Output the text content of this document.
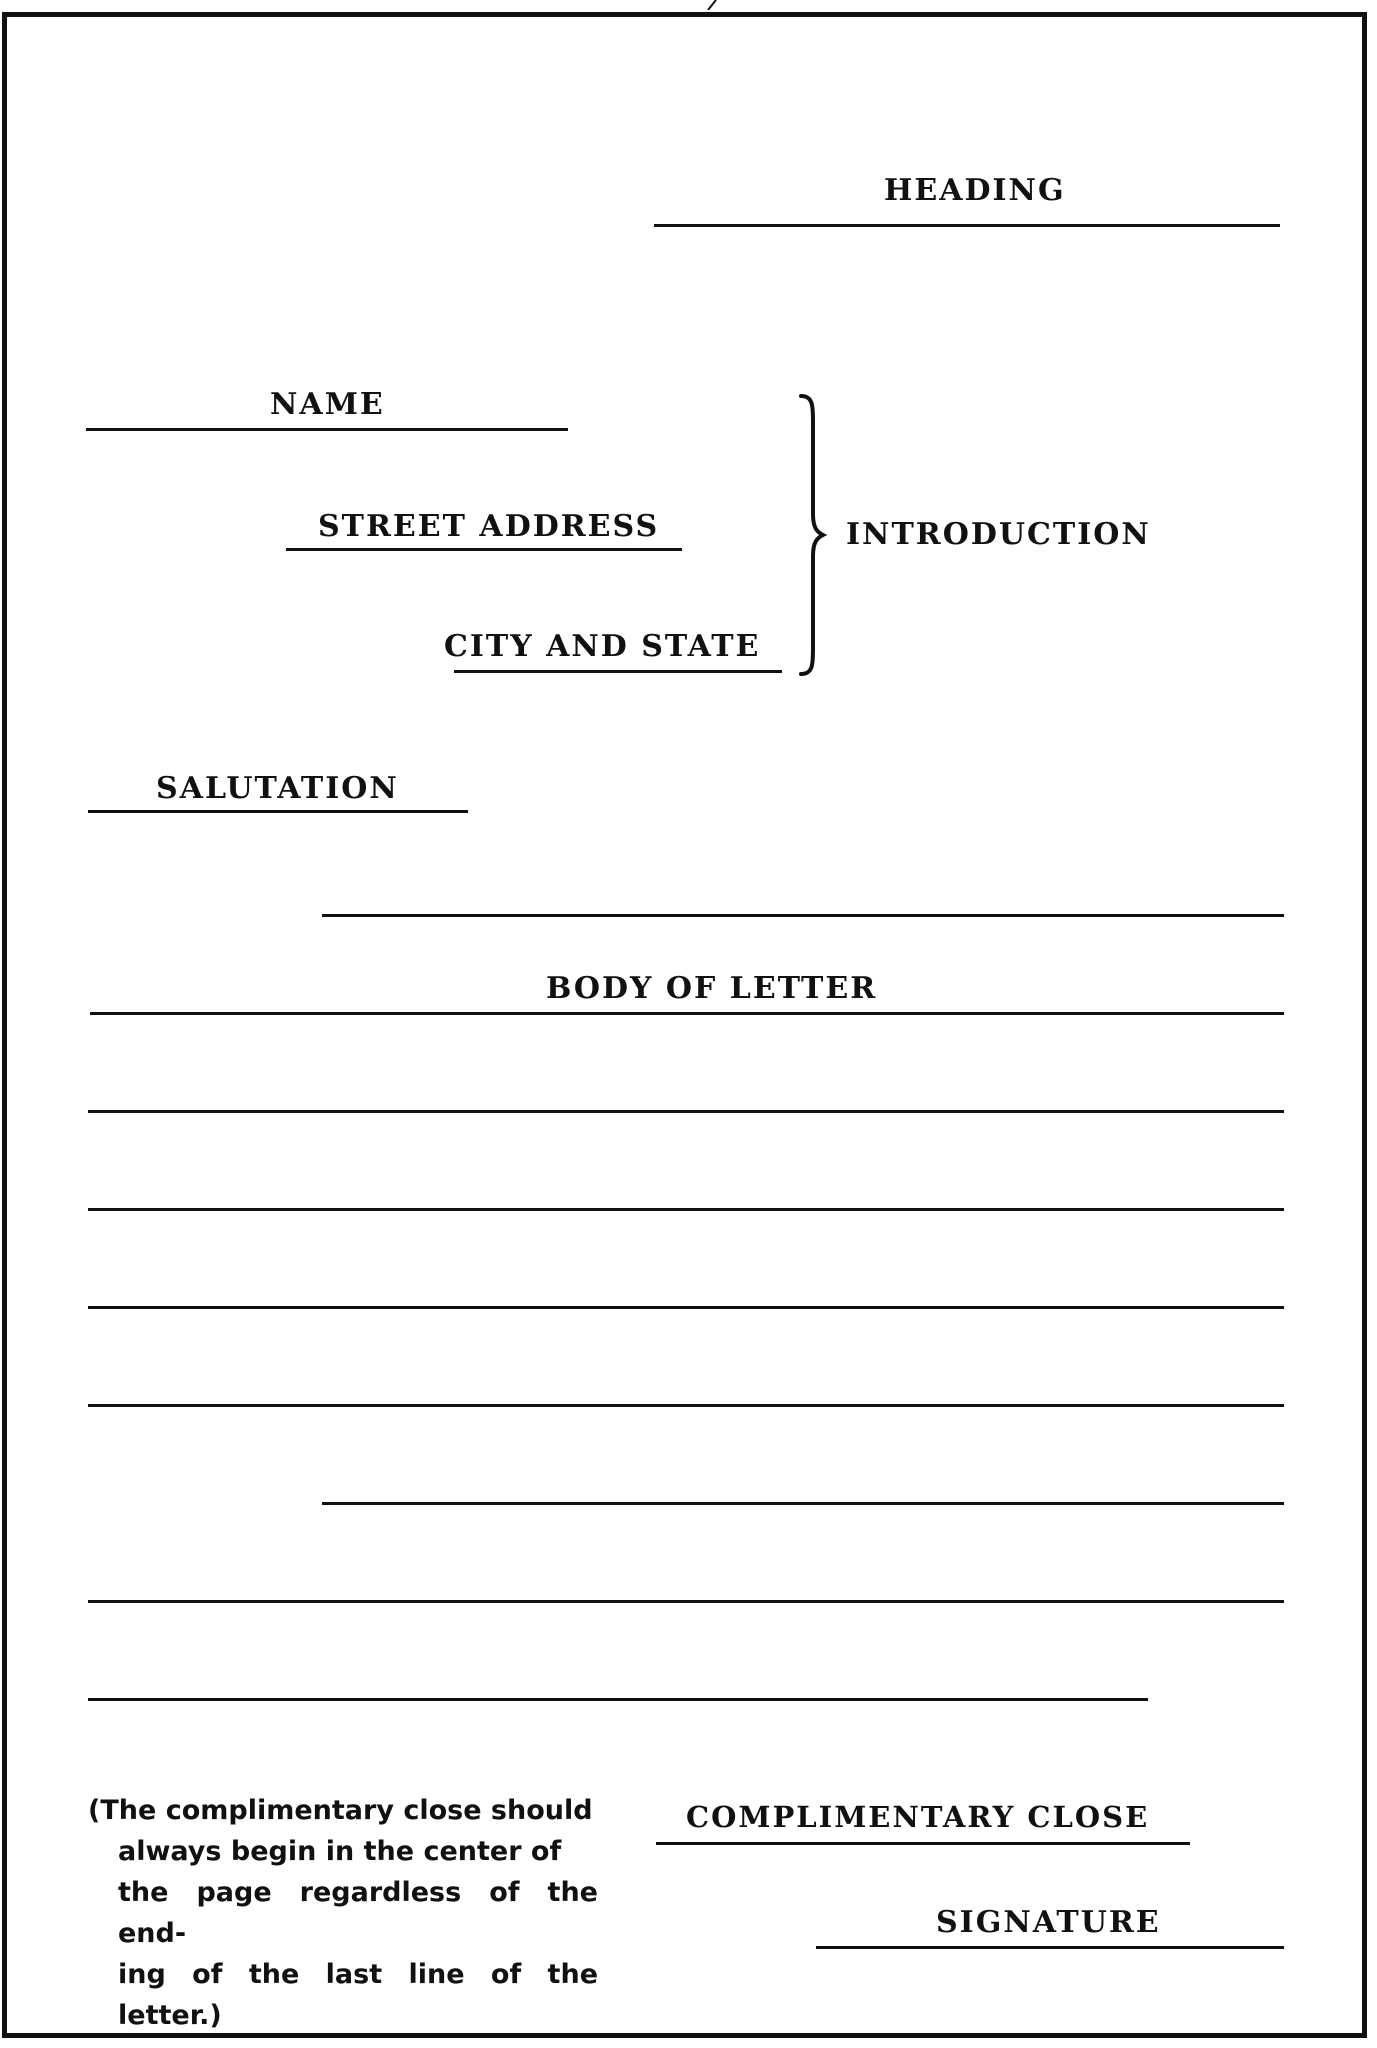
HEADING
NAME
STREET ADDRESS
CITY AND STATE
INTRODUCTION
SALUTATION
BODY OF LETTER
(The complimentary close should
always begin in the center of
the page regardless of the end-
ing of the last line of the letter.)
COMPLIMENTARY CLOSE
SIGNATURE
